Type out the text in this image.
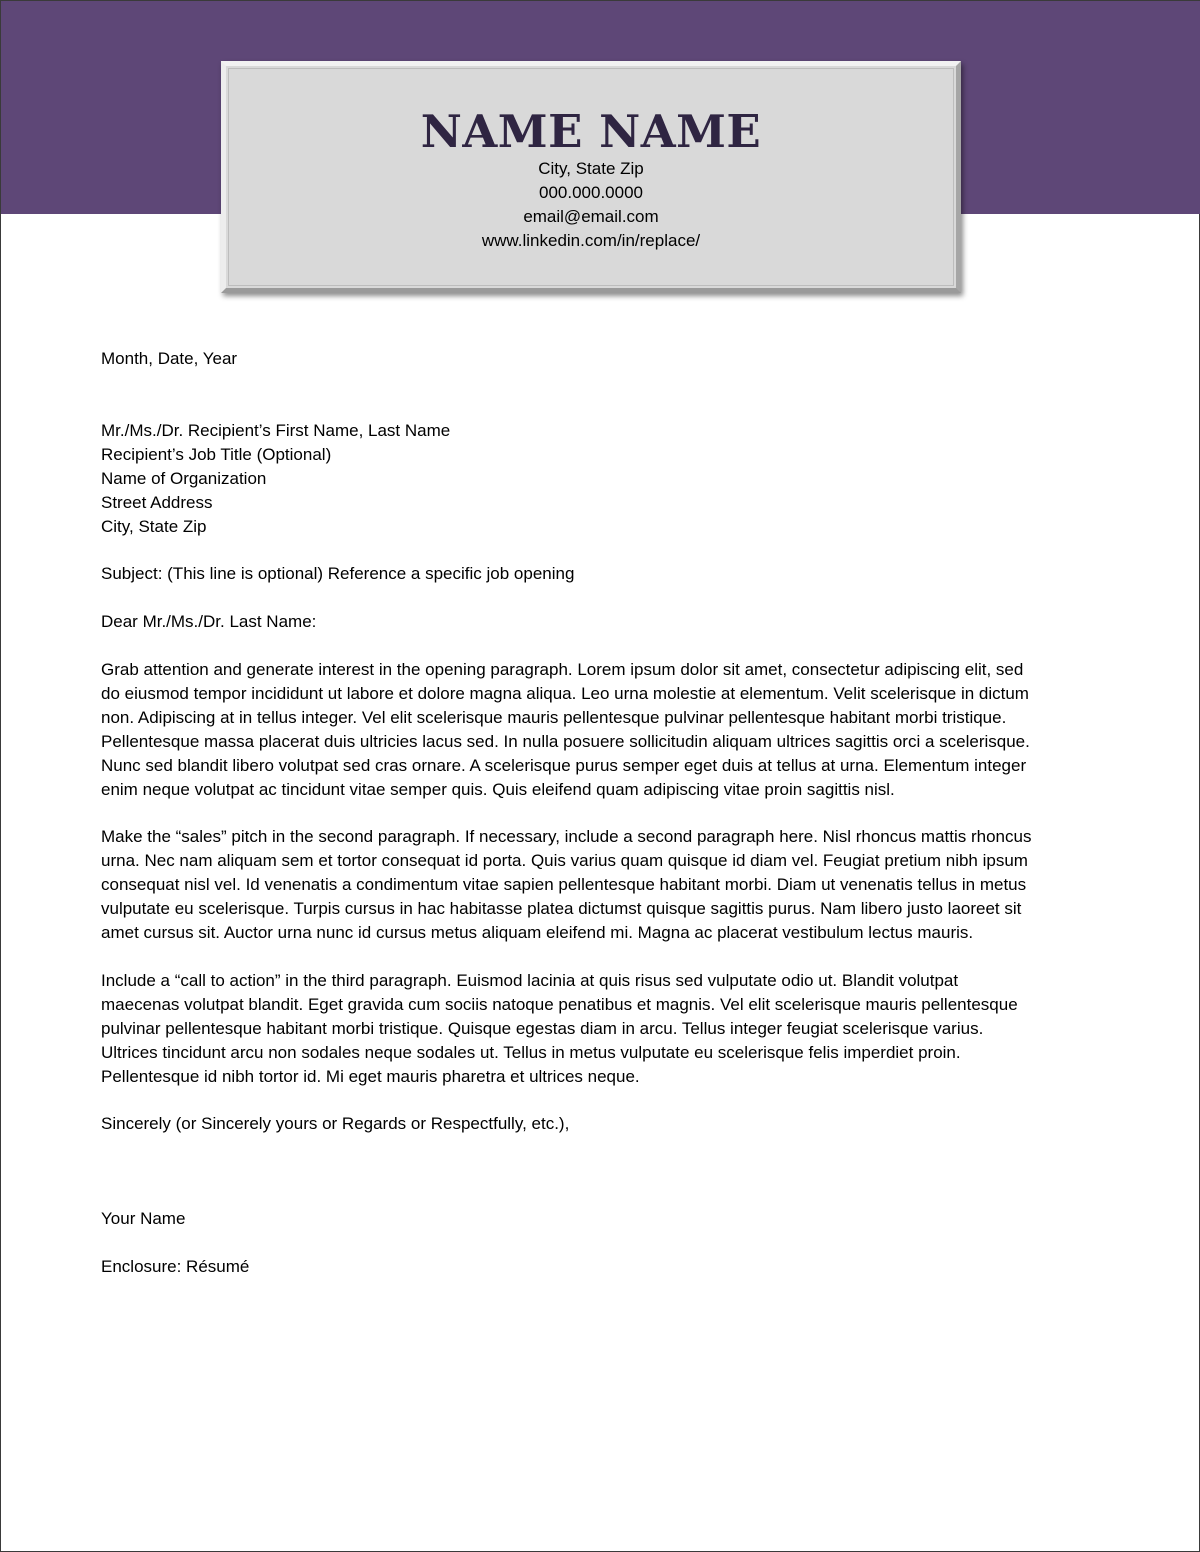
NAME NAME
City, State Zip
000.000.0000
email@email.com
www.linkedin.com/in/replace/

Month, Date, Year

Mr./Ms./Dr. Recipient’s First Name, Last Name
Recipient’s Job Title (Optional)
Name of Organization
Street Address
City, State Zip

Subject: (This line is optional) Reference a specific job opening

Dear Mr./Ms./Dr. Last Name:

Grab attention and generate interest in the opening paragraph. Lorem ipsum dolor sit amet, consectetur adipiscing elit, sed
do eiusmod tempor incididunt ut labore et dolore magna aliqua. Leo urna molestie at elementum. Velit scelerisque in dictum
non. Adipiscing at in tellus integer. Vel elit scelerisque mauris pellentesque pulvinar pellentesque habitant morbi tristique.
Pellentesque massa placerat duis ultricies lacus sed. In nulla posuere sollicitudin aliquam ultrices sagittis orci a scelerisque.
Nunc sed blandit libero volutpat sed cras ornare. A scelerisque purus semper eget duis at tellus at urna. Elementum integer
enim neque volutpat ac tincidunt vitae semper quis. Quis eleifend quam adipiscing vitae proin sagittis nisl.
Make the “sales” pitch in the second paragraph. If necessary, include a second paragraph here. Nisl rhoncus mattis rhoncus
urna. Nec nam aliquam sem et tortor consequat id porta. Quis varius quam quisque id diam vel. Feugiat pretium nibh ipsum
consequat nisl vel. Id venenatis a condimentum vitae sapien pellentesque habitant morbi. Diam ut venenatis tellus in metus
vulputate eu scelerisque. Turpis cursus in hac habitasse platea dictumst quisque sagittis purus. Nam libero justo laoreet sit
amet cursus sit. Auctor urna nunc id cursus metus aliquam eleifend mi. Magna ac placerat vestibulum lectus mauris.
Include a “call to action” in the third paragraph. Euismod lacinia at quis risus sed vulputate odio ut. Blandit volutpat
maecenas volutpat blandit. Eget gravida cum sociis natoque penatibus et magnis. Vel elit scelerisque mauris pellentesque
pulvinar pellentesque habitant morbi tristique. Quisque egestas diam in arcu. Tellus integer feugiat scelerisque varius.
Ultrices tincidunt arcu non sodales neque sodales ut. Tellus in metus vulputate eu scelerisque felis imperdiet proin.
Pellentesque id nibh tortor id. Mi eget mauris pharetra et ultrices neque.

Sincerely (or Sincerely yours or Regards or Respectfully, etc.),

Your Name

Enclosure: Résumé
